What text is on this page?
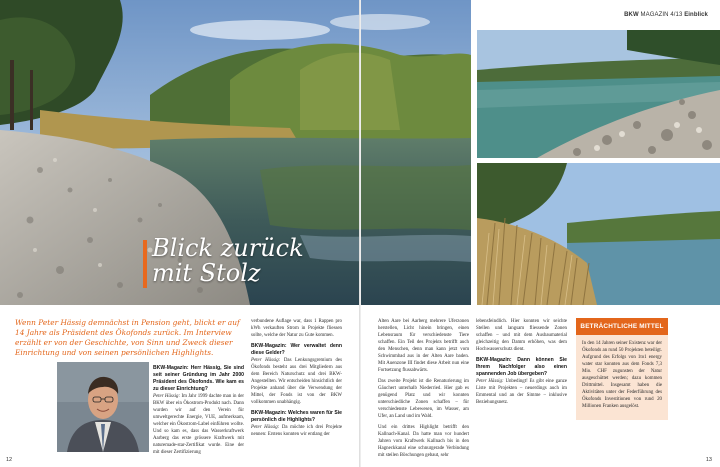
Blick zurück
mit Stolz
BKW MAGAZIN 4/13 Einblick
Wenn Peter Hässig demnächst in Pension geht, blickt er auf 14 Jahre als Präsident des Ökofonds zurück. Im Interview erzählt er von der Geschichte, von Sinn und Zweck dieser Einrichtung und von seinen persönlichen Highlights.
BKW-Magazin: Herr Hässig, Sie sind seit seiner Gründung im Jahr 2000 Präsident des Ökofonds. Wie kam es zu dieser Einrichtung?

Peter Hässig: Im Jahr 1999 dachte man in der BKW über ein Ökostrom-Produkt nach. Dann wurden wir auf den Verein für umweltgerechte Energie, VUE, aufmerksam, welcher ein Ökostrom-Label einführen wollte. Und so kam es, dass das Wasserkraftwerk Aarberg das erste grössere Kraftwerk mit naturemade-star-Zertifikat wurde. Eine der mit dieser Zertifizierung

verbundene Auflage war, dass 1 Rappen pro kWh verkauften Strom in Projekte fliessen sollte, welche der Natur zu Gute kommen.

BKW-Magazin: Wer verwaltet denn diese Gelder?

Peter Hässig: Das Lenkungsgremium des Ökofonds besteht aus drei Mitgliedern aus dem Bereich Naturschutz und drei BKW-Angestellten. Wir entscheiden hinsichtlich der Projekte anhand über die Verwendung der Mittel, der Fonds ist von der BKW vollkommen unabhängig.

BKW-Magazin: Welches waren für Sie persönlich die Highlights?

Peter Hässig: Da möchte ich drei Projekte nennen: Erstens konnten wir entlang der

Alten Aare bei Aarberg mehrere Uferzonen herstellen, Licht hinein bringen, einen Lebensraum für verschiedenste Tiere schaffen. Ein Teil des Projekts betrifft auch den Menschen, denn man kann jetzt vom Schwimmbad aus in der Alten Aare baden. Mit Auenzone III findet diese Arbeit nun eine Fortsetzung flussabwärts.

Das zweite Projekt ist die Renaturierung im Gäuchert unterhalb Niederried. Hier gab es genügend Platz und wir konnten unterschiedliche Zonen schaffen – für verschiedenste Lebewesen, im Wasser, am Ufer, an Land und im Wald.

Und ein drittes Highlight betrifft den Kallnach-Kanal. Da hatte man vor hundert Jahren vom Kraftwerk Kallnach bis in den Hagneckkanal eine schnurgerade Verbindung mit steilen Böschungen gebaut, sehr

lebensfeindlich. Hier konnten wir seichte Stellen und langsam fliessende Zonen schaffen – und mit dem Ausbaumaterial gleichzeitig den Damm erhöhen, was dem Hochwasserschutz dient.

BKW-Magazin: Dann können Sie Ihrem Nachfolger also einen spannenden Job übergeben?

Peter Hässig: Unbedingt! Es gibt eine ganze Liste mit Projekten – neuerdings auch im Emmental und an der Simme – inklusive Beziehungsnetz.

BETRÄCHTLICHE MITTEL
In den 14 Jahren seiner Existenz war der Ökofonds an rund 50 Projekten beteiligt. Aufgrund des Erfolgs von 1to1 energy water star konnten aus dem Fonds 7,3 Mio. CHF zugunsten der Natur ausgeschüttet werden; dazu kommen Drittmittel. Insgesamt haben die Aktivitäten unter der Federführung des Ökofonds Investitionen von rund 20 Millionen Franken ausgelöst.
12	13
